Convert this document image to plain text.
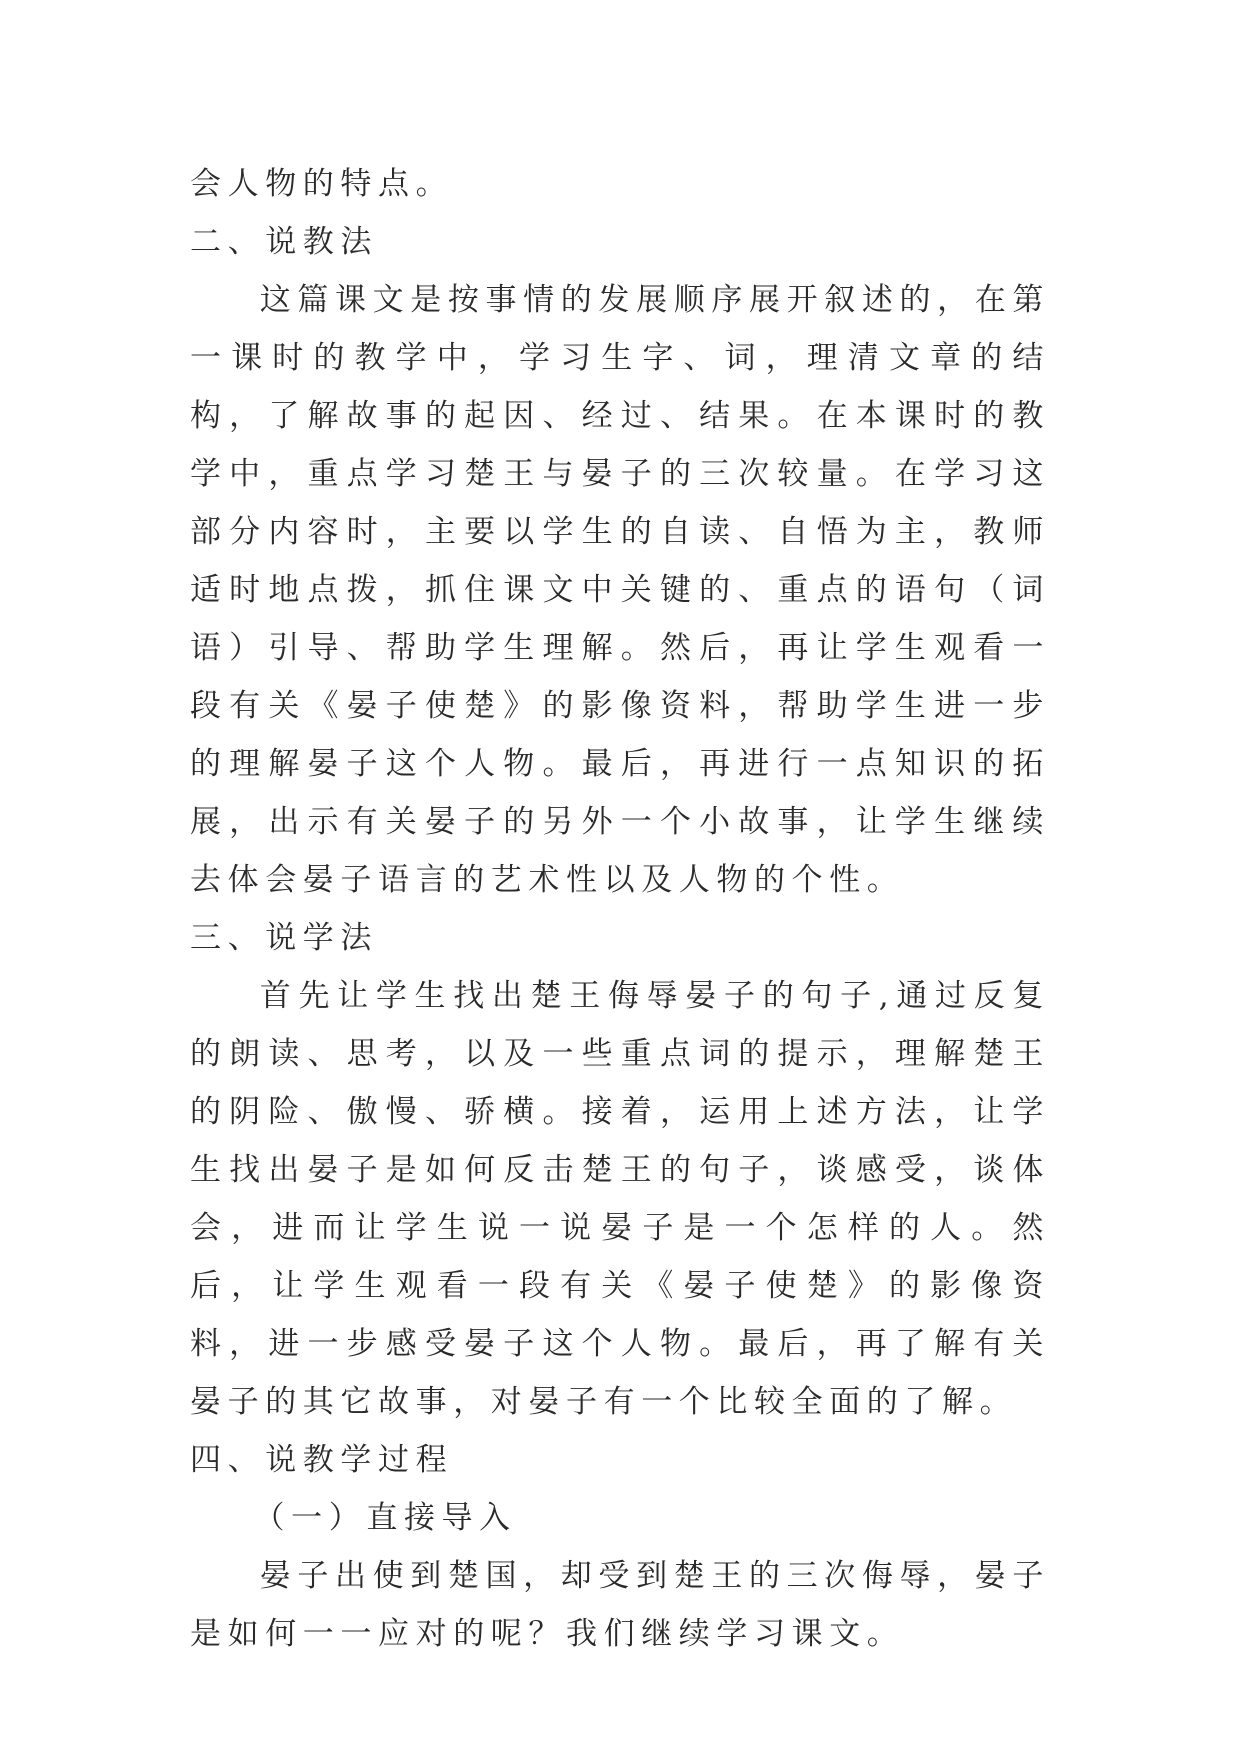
会人物的特点。

二、说教法

这篇课文是按事情的发展顺序展开叙述的，在第一课时的教学中，学习生字、词，理清文章的结构，了解故事的起因、经过、结果。在本课时的教学中，重点学习楚王与晏子的三次较量。在学习这部分内容时，主要以学生的自读、自悟为主，教师适时地点拨，抓住课文中关键的、重点的语句（词语）引导、帮助学生理解。然后，再让学生观看一段有关《晏子使楚》的影像资料，帮助学生进一步的理解晏子这个人物。最后，再进行一点知识的拓展，出示有关晏子的另外一个小故事，让学生继续去体会晏子语言的艺术性以及人物的个性。

三、说学法

首先让学生找出楚王侮辱晏子的句子,通过反复的朗读、思考，以及一些重点词的提示，理解楚王的阴险、傲慢、骄横。接着，运用上述方法，让学生找出晏子是如何反击楚王的句子，谈感受，谈体会，进而让学生说一说晏子是一个怎样的人。然后，让学生观看一段有关《晏子使楚》的影像资料，进一步感受晏子这个人物。最后，再了解有关晏子的其它故事，对晏子有一个比较全面的了解。

四、说教学过程

（一）直接导入

晏子出使到楚国，却受到楚王的三次侮辱，晏子是如何一一应对的呢？我们继续学习课文。
